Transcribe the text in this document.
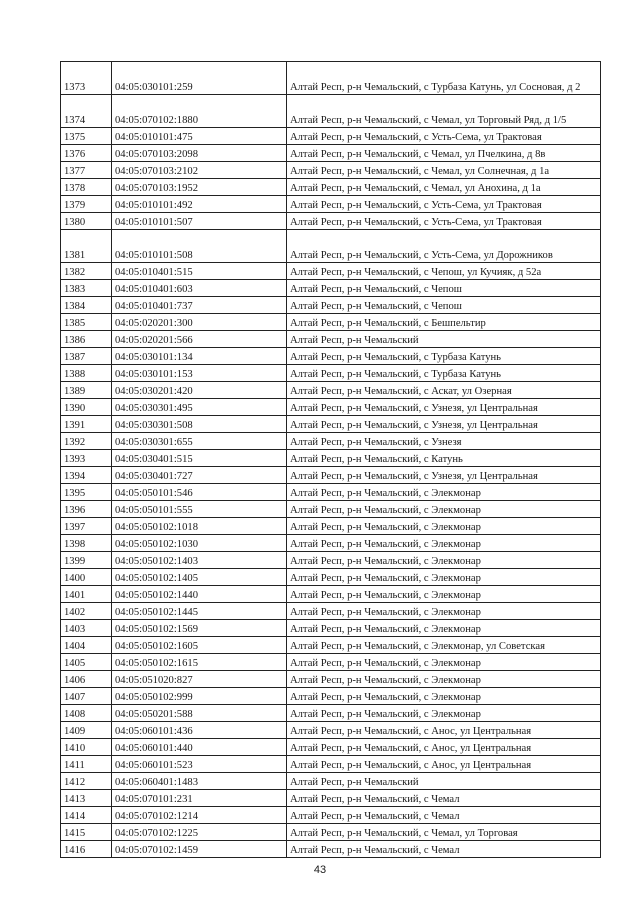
1373	04:05:030101:259	Алтай Респ, р-н Чемальский, с Турбаза Катунь, ул Сосновая, д 2
1374	04:05:070102:1880	Алтай Респ, р-н Чемальский, с Чемал, ул Торговый Ряд, д 1/5
1375	04:05:010101:475	Алтай Респ, р-н Чемальский, с Усть-Сема, ул Трактовая
1376	04:05:070103:2098	Алтай Респ, р-н Чемальский, с Чемал, ул Пчелкина, д 8в
1377	04:05:070103:2102	Алтай Респ, р-н Чемальский, с Чемал, ул Солнечная, д 1а
1378	04:05:070103:1952	Алтай Респ, р-н Чемальский, с Чемал, ул Анохина, д 1а
1379	04:05:010101:492	Алтай Респ, р-н Чемальский, с Усть-Сема, ул Трактовая
1380	04:05:010101:507	Алтай Респ, р-н Чемальский, с Усть-Сема, ул Трактовая
1381	04:05:010101:508	Алтай Респ, р-н Чемальский, с Усть-Сема, ул Дорожников
1382	04:05:010401:515	Алтай Респ, р-н Чемальский, с Чепош, ул Кучияк, д 52а
1383	04:05:010401:603	Алтай Респ, р-н Чемальский, с Чепош
1384	04:05:010401:737	Алтай Респ, р-н Чемальский, с Чепош
1385	04:05:020201:300	Алтай Респ, р-н Чемальский, с Бешпельтир
1386	04:05:020201:566	Алтай Респ, р-н Чемальский
1387	04:05:030101:134	Алтай Респ, р-н Чемальский, с Турбаза Катунь
1388	04:05:030101:153	Алтай Респ, р-н Чемальский, с Турбаза Катунь
1389	04:05:030201:420	Алтай Респ, р-н Чемальский, с Аскат, ул Озерная
1390	04:05:030301:495	Алтай Респ, р-н Чемальский, с Узнезя, ул Центральная
1391	04:05:030301:508	Алтай Респ, р-н Чемальский, с Узнезя, ул Центральная
1392	04:05:030301:655	Алтай Респ, р-н Чемальский, с Узнезя
1393	04:05:030401:515	Алтай Респ, р-н Чемальский, с Катунь
1394	04:05:030401:727	Алтай Респ, р-н Чемальский, с Узнезя, ул Центральная
1395	04:05:050101:546	Алтай Респ, р-н Чемальский, с Элекмонар
1396	04:05:050101:555	Алтай Респ, р-н Чемальский, с Элекмонар
1397	04:05:050102:1018	Алтай Респ, р-н Чемальский, с Элекмонар
1398	04:05:050102:1030	Алтай Респ, р-н Чемальский, с Элекмонар
1399	04:05:050102:1403	Алтай Респ, р-н Чемальский, с Элекмонар
1400	04:05:050102:1405	Алтай Респ, р-н Чемальский, с Элекмонар
1401	04:05:050102:1440	Алтай Респ, р-н Чемальский, с Элекмонар
1402	04:05:050102:1445	Алтай Респ, р-н Чемальский, с Элекмонар
1403	04:05:050102:1569	Алтай Респ, р-н Чемальский, с Элекмонар
1404	04:05:050102:1605	Алтай Респ, р-н Чемальский, с Элекмонар, ул Советская
1405	04:05:050102:1615	Алтай Респ, р-н Чемальский, с Элекмонар
1406	04:05:051020:827	Алтай Респ, р-н Чемальский, с Элекмонар
1407	04:05:050102:999	Алтай Респ, р-н Чемальский, с Элекмонар
1408	04:05:050201:588	Алтай Респ, р-н Чемальский, с Элекмонар
1409	04:05:060101:436	Алтай Респ, р-н Чемальский, с Анос, ул Центральная
1410	04:05:060101:440	Алтай Респ, р-н Чемальский, с Анос, ул Центральная
1411	04:05:060101:523	Алтай Респ, р-н Чемальский, с Анос, ул Центральная
1412	04:05:060401:1483	Алтай Респ, р-н Чемальский
1413	04:05:070101:231	Алтай Респ, р-н Чемальский, с Чемал
1414	04:05:070102:1214	Алтай Респ, р-н Чемальский, с Чемал
1415	04:05:070102:1225	Алтай Респ, р-н Чемальский, с Чемал, ул Торговая
1416	04:05:070102:1459	Алтай Респ, р-н Чемальский, с Чемал
43
